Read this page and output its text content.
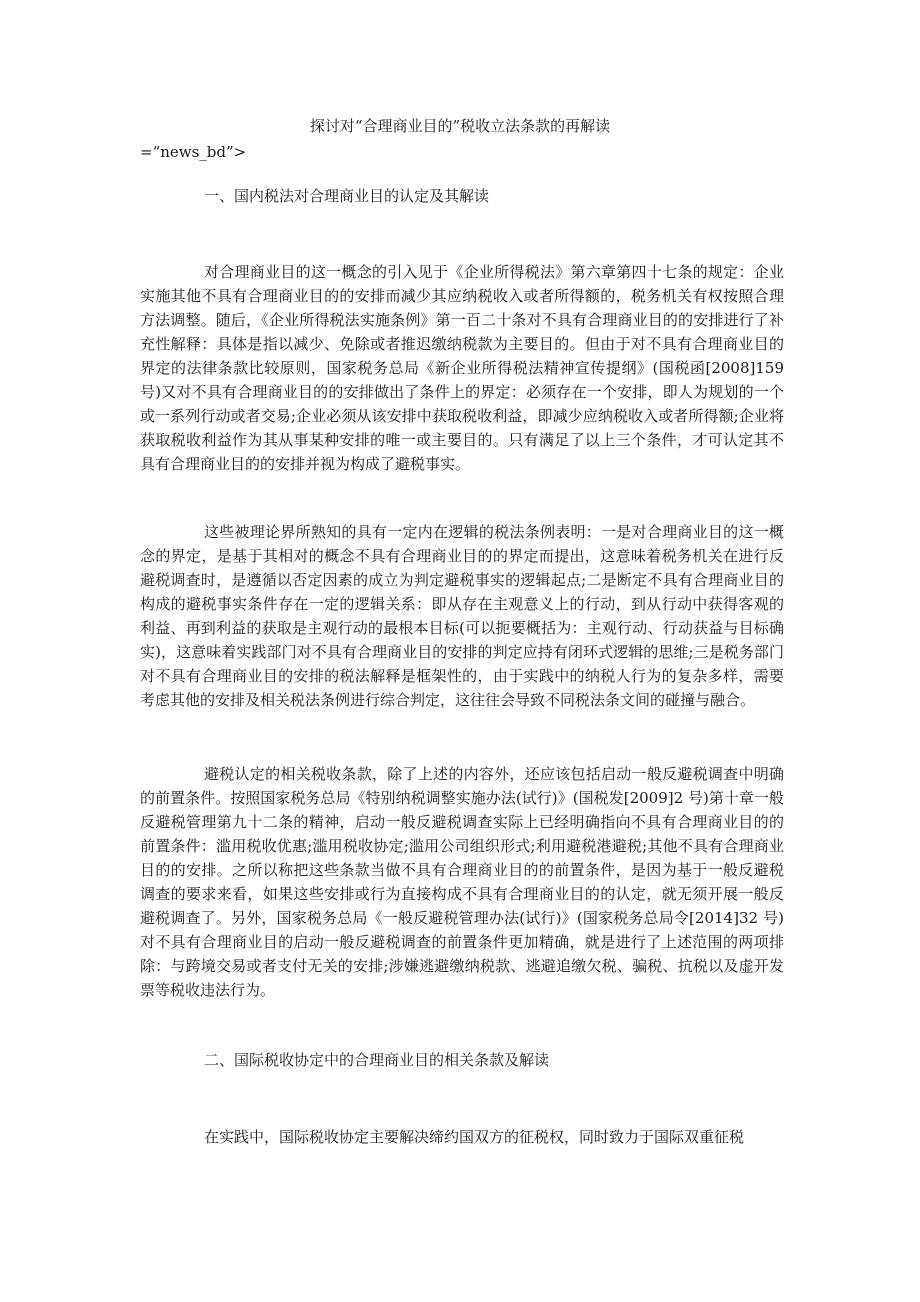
探讨对“合理商业目的”税收立法条款的再解读
=“news_bd”>
一、国内税法对合理商业目的认定及其解读

对合理商业目的这一概念的引入见于《企业所得税法》第六章第四十七条的规定：企业实施其他不具有合理商业目的的安排而减少其应纳税收入或者所得额的，税务机关有权按照合理方法调整。随后，《企业所得税法实施条例》第一百二十条对不具有合理商业目的的安排进行了补充性解释：具体是指以减少、免除或者推迟缴纳税款为主要目的。但由于对不具有合理商业目的界定的法律条款比较原则，国家税务总局《新企业所得税法精神宣传提纲》(国税函[2008]159 号)又对不具有合理商业目的的安排做出了条件上的界定：必须存在一个安排，即人为规划的一个或一系列行动或者交易;企业必须从该安排中获取税收利益，即减少应纳税收入或者所得额;企业将获取税收利益作为其从事某种安排的唯一或主要目的。只有满足了以上三个条件，才可认定其不具有合理商业目的的安排并视为构成了避税事实。

这些被理论界所熟知的具有一定内在逻辑的税法条例表明：一是对合理商业目的这一概念的界定，是基于其相对的概念不具有合理商业目的的界定而提出，这意味着税务机关在进行反避税调查时，是遵循以否定因素的成立为判定避税事实的逻辑起点;二是断定不具有合理商业目的构成的避税事实条件存在一定的逻辑关系：即从存在主观意义上的行动，到从行动中获得客观的利益、再到利益的获取是主观行动的最根本目标(可以扼要概括为：主观行动、行动获益与目标确实)，这意味着实践部门对不具有合理商业目的安排的判定应持有闭环式逻辑的思维;三是税务部门对不具有合理商业目的安排的税法解释是框架性的，由于实践中的纳税人行为的复杂多样，需要考虑其他的安排及相关税法条例进行综合判定，这往往会导致不同税法条文间的碰撞与融合。

避税认定的相关税收条款，除了上述的内容外，还应该包括启动一般反避税调查中明确的前置条件。按照国家税务总局《特别纳税调整实施办法(试行)》(国税发[2009]2 号)第十章一般反避税管理第九十二条的精神，启动一般反避税调查实际上已经明确指向不具有合理商业目的的前置条件：滥用税收优惠;滥用税收协定;滥用公司组织形式;利用避税港避税;其他不具有合理商业目的的安排。之所以称把这些条款当做不具有合理商业目的的前置条件，是因为基于一般反避税调查的要求来看，如果这些安排或行为直接构成不具有合理商业目的的认定，就无须开展一般反避税调查了。另外，国家税务总局《一般反避税管理办法(试行)》(国家税务总局令[2014]32 号)对不具有合理商业目的启动一般反避税调查的前置条件更加精确，就是进行了上述范围的两项排除：与跨境交易或者支付无关的安排;涉嫌逃避缴纳税款、逃避追缴欠税、骗税、抗税以及虚开发票等税收违法行为。

二、国际税收协定中的合理商业目的相关条款及解读

在实践中，国际税收协定主要解决缔约国双方的征税权，同时致力于国际双重征税
